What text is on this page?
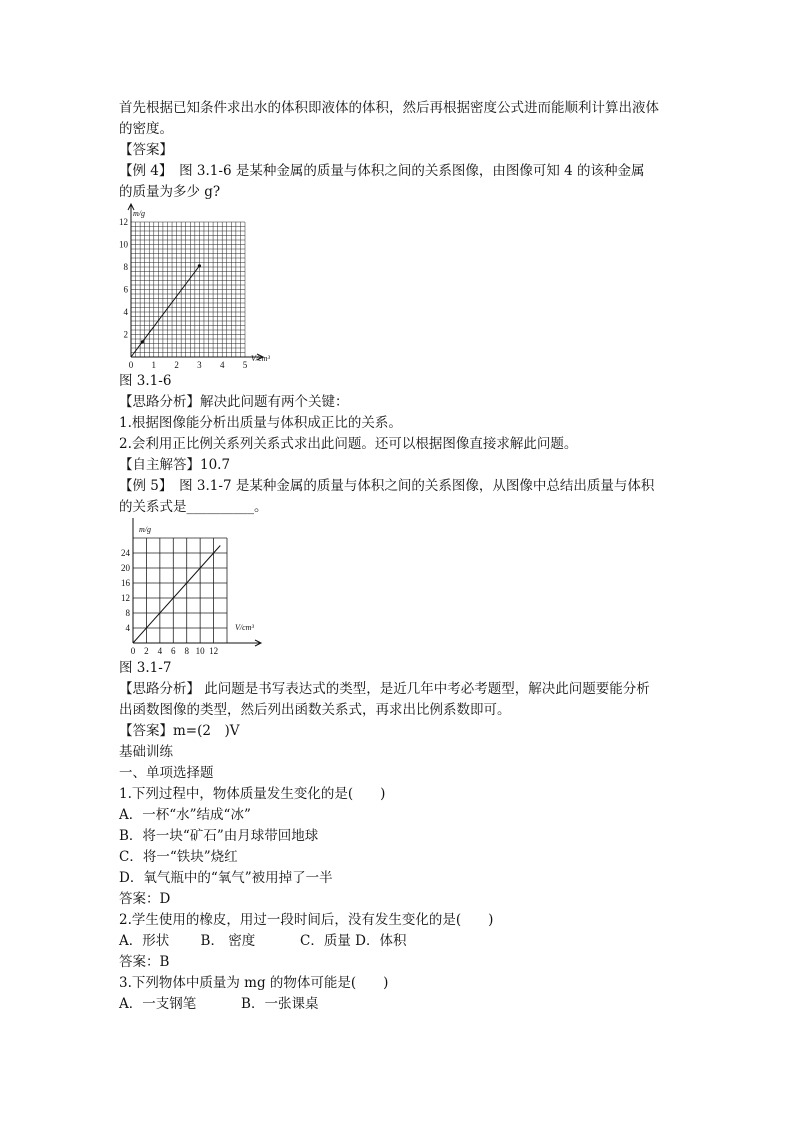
首先根据已知条件求出水的体积即液体的体积，然后再根据密度公式进而能顺利计算出液体
的密度。
【答案】
【例 4】　图 3.1-6 是某种金属的质量与体积之间的关系图像，由图像可知 4 的该种金属
的质量为多少 g?
0 1 2 3 4 5
2
4
6
8
10
12
m/g
V/cm³
图 3.1-6
【思路分析】解决此问题有两个关键：
1.根据图像能分析出质量与体积成正比的关系。
2.会利用正比例关系列关系式求出此问题。还可以根据图像直接求解此问题。
【自主解答】10.7
【例 5】　图 3.1-7 是某种金属的质量与体积之间的关系图像，从图像中总结出质量与体积
的关系式是__________。
0 2 4 6 8 10 12
4
8
12
16
20
24
m/g
V/cm³
图 3.1-7
【思路分析】 此问题是书写表达式的类型，是近几年中考必考题型，解决此问题要能分析
出函数图像的类型，然后列出函数关系式，再求出比例系数即可。
【答案】m=(2　)V
基础训练
一、单项选择题
1.下列过程中，物体质量发生变化的是(　　)
A．一杯“水”结成“冰”
B．将一块“矿石”由月球带回地球
C．将一“铁块”烧红
D．氧气瓶中的“氧气”被用掉了一半
答案：D
2.学生使用的橡皮，用过一段时间后，没有发生变化的是(　　)
A．形状　　 B． 密度　　　 C．质量 D．体积
答案：B
3.下列物体中质量为 mg 的物体可能是(　　)
A．一支钢笔　　　 B．一张课桌
